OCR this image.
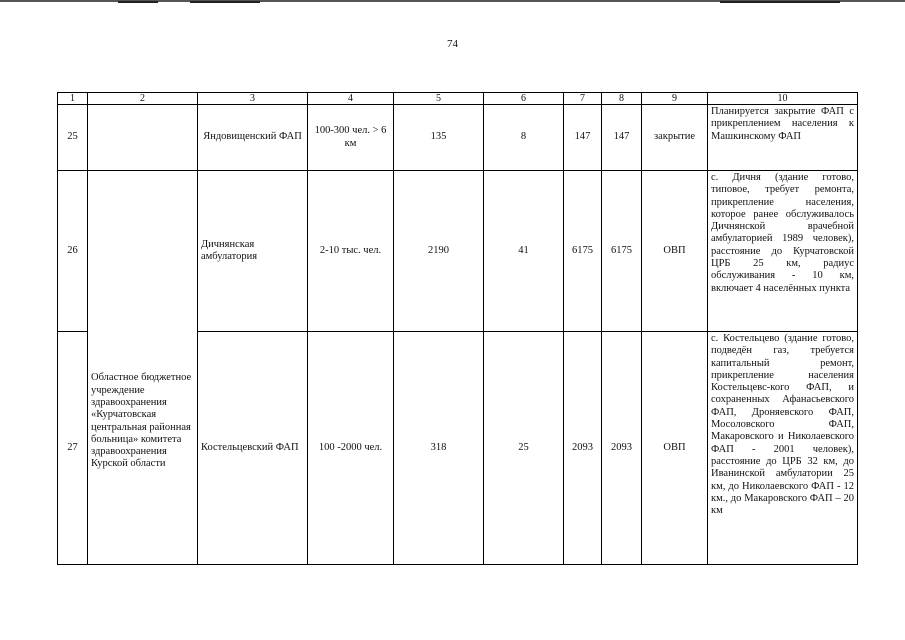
74
1	2	3	4	5	6	7	8	9	10
25		Яндовищенский ФАП	100-300 чел. > 6 км	135	8	147	147	закрытие	Планируется закрытие ФАП с прикреплением населения к Машкинскому ФАП
26	Областное бюджетное учреждение здравоохранения «Курчатовская центральная районная больница» комитета здравоохранения Курской области	Дичнянская амбулатория	2-10 тыс. чел.	2190	41	6175	6175	ОВП	с. Дичня (здание готово, типовое, требует ремонта, прикрепление населения, которое ранее обслуживалось Дичнянской врачебной амбулаторией 1989 человек), расстояние до Курчатовской ЦРБ 25 км, радиус обслуживания - 10 км, включает 4 населённых пункта
27		Костельцевский ФАП	100 -2000 чел.	318	25	2093	2093	ОВП	с. Костельцево (здание готово, подведён газ, требуется капитальный ремонт, прикрепление населения Костельцевс-кого ФАП, и сохраненных Афанасьевского ФАП, Дроняевского ФАП, Мосоловского ФАП, Макаровского и Николаевского ФАП - 2001 человек), расстояние до ЦРБ 32 км, до Иванинской амбулатории 25 км, до Николаевского ФАП - 12 км., до Макаровского ФАП – 20 км
